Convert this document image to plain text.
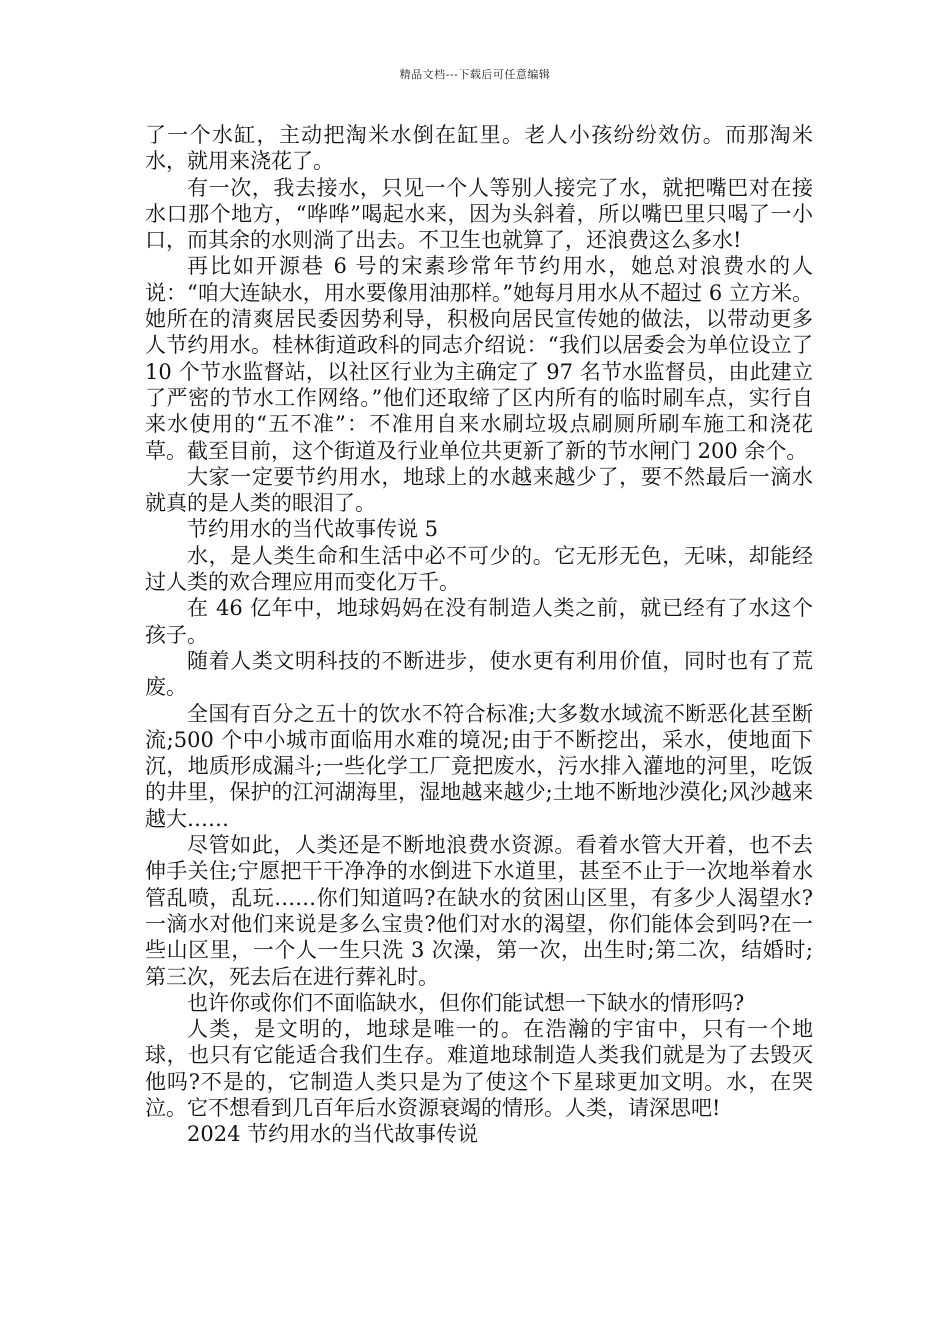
精品文档---下载后可任意编辑

了一个水缸，主动把淘米水倒在缸里。老人小孩纷纷效仿。而那淘米水，就用来浇花了。

有一次，我去接水，只见一个人等别人接完了水，就把嘴巴对在接水口那个地方，“哗哗”喝起水来，因为头斜着，所以嘴巴里只喝了一小口，而其余的水则淌了出去。不卫生也就算了，还浪费这么多水!

再比如开源巷 6 号的宋素珍常年节约用水，她总对浪费水的人说：“咱大连缺水，用水要像用油那样。”她每月用水从不超过 6 立方米。她所在的清爽居民委因势利导，积极向居民宣传她的做法，以带动更多人节约用水。桂林街道政科的同志介绍说：“我们以居委会为单位设立了 10 个节水监督站，以社区行业为主确定了 97 名节水监督员，由此建立了严密的节水工作网络。”他们还取缔了区内所有的临时刷车点，实行自来水使用的“五不准”：不准用自来水刷垃圾点刷厕所刷车施工和浇花草。截至目前，这个街道及行业单位共更新了新的节水闸门 200 余个。

大家一定要节约用水，地球上的水越来越少了，要不然最后一滴水就真的是人类的眼泪了。

节约用水的当代故事传说 5

水，是人类生命和生活中必不可少的。它无形无色，无味，却能经过人类的欢合理应用而变化万千。

在 46 亿年中，地球妈妈在没有制造人类之前，就已经有了水这个孩子。

随着人类文明科技的不断进步，使水更有利用价值，同时也有了荒废。

全国有百分之五十的饮水不符合标准;大多数水域流不断恶化甚至断流;500 个中小城市面临用水难的境况;由于不断挖出，采水，使地面下沉，地质形成漏斗;一些化学工厂竟把废水，污水排入灌地的河里，吃饭的井里，保护的江河湖海里，湿地越来越少;土地不断地沙漠化;风沙越来越大……

尽管如此，人类还是不断地浪费水资源。看着水管大开着，也不去伸手关住;宁愿把干干净净的水倒进下水道里，甚至不止于一次地举着水管乱喷，乱玩……你们知道吗?在缺水的贫困山区里，有多少人渴望水?一滴水对他们来说是多么宝贵?他们对水的渴望，你们能体会到吗?在一些山区里，一个人一生只洗 3 次澡，第一次，出生时;第二次，结婚时;第三次，死去后在进行葬礼时。

也许你或你们不面临缺水，但你们能试想一下缺水的情形吗?

人类，是文明的，地球是唯一的。在浩瀚的宇宙中，只有一个地球，也只有它能适合我们生存。难道地球制造人类我们就是为了去毁灭他吗?不是的，它制造人类只是为了使这个下星球更加文明。水，在哭泣。它不想看到几百年后水资源衰竭的情形。人类，请深思吧!

2024 节约用水的当代故事传说
